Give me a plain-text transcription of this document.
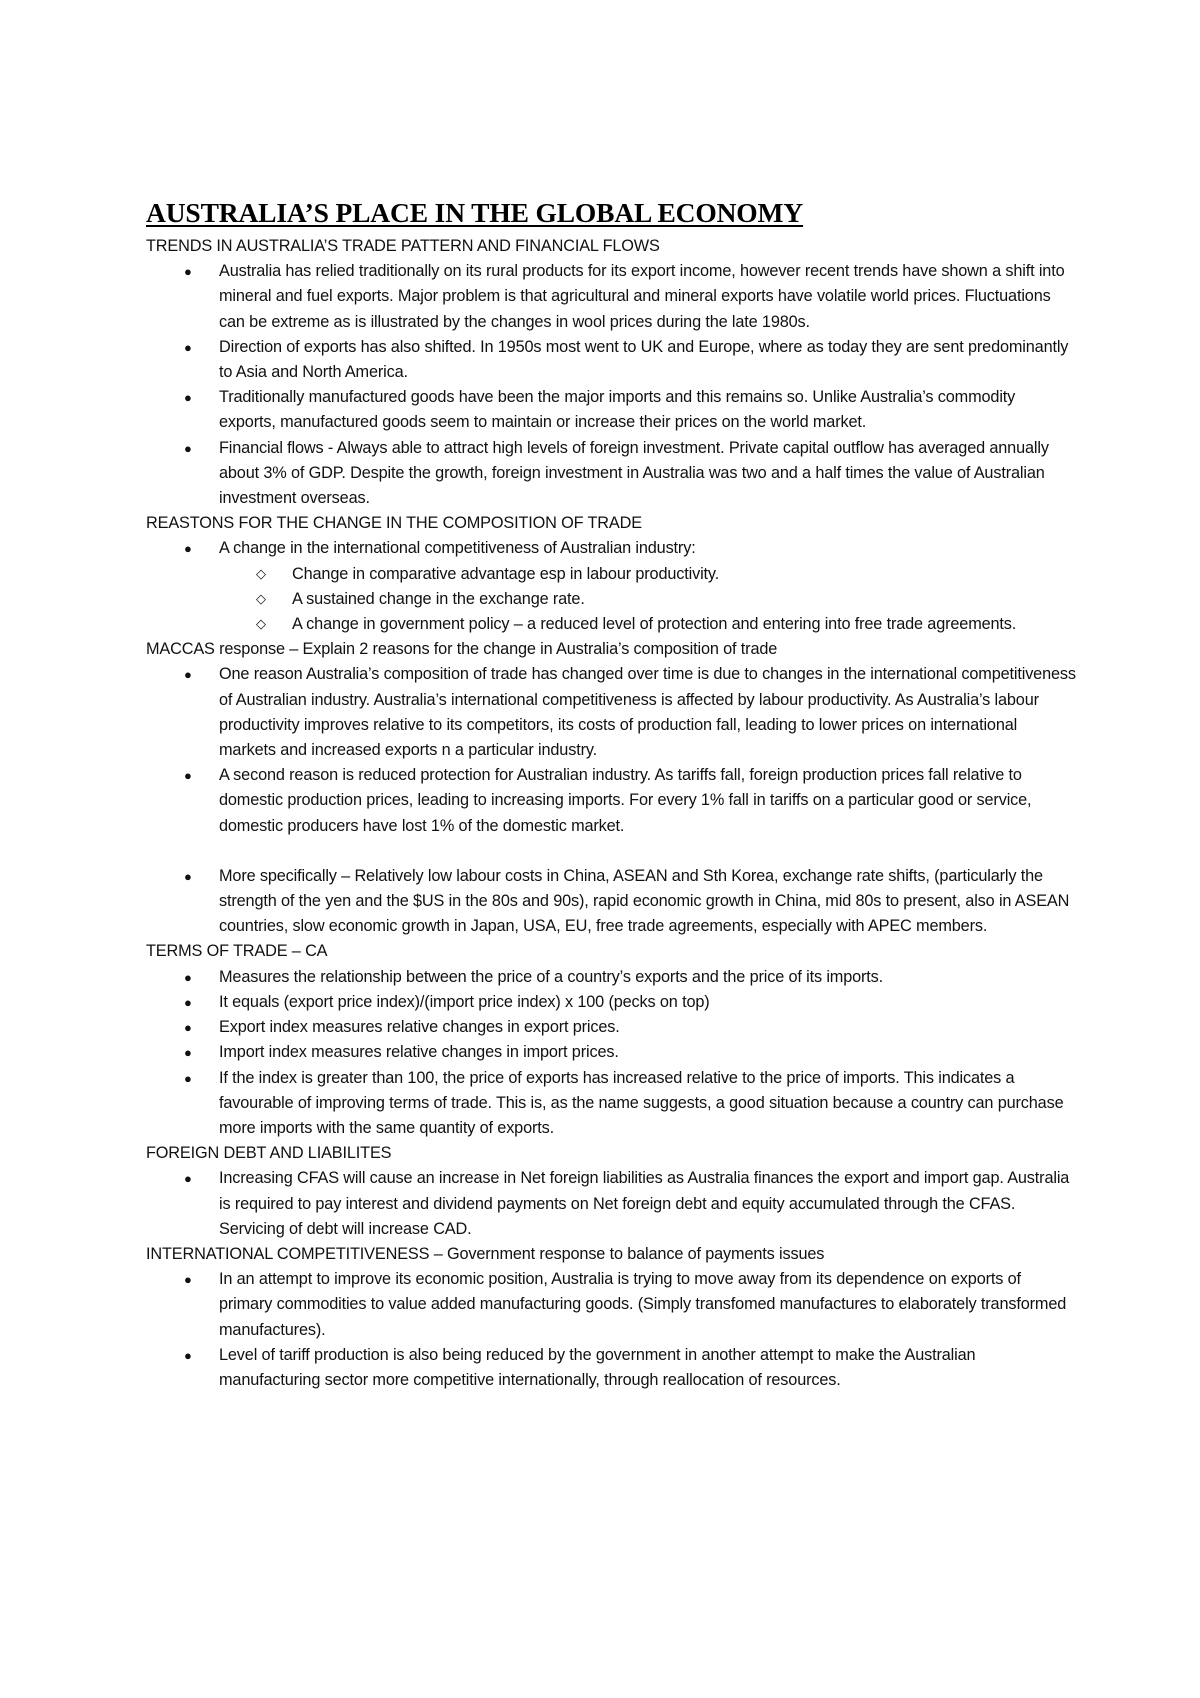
AUSTRALIA’S PLACE IN THE GLOBAL ECONOMY
TRENDS IN AUSTRALIA’S TRADE PATTERN AND FINANCIAL FLOWS
● Australia has relied traditionally on its rural products for its export income, however recent trends have shown a shift into mineral and fuel exports. Major problem is that agricultural and mineral exports have volatile world prices. Fluctuations can be extreme as is illustrated by the changes in wool prices during the late 1980s.
● Direction of exports has also shifted. In 1950s most went to UK and Europe, where as today they are sent predominantly to Asia and North America.
● Traditionally manufactured goods have been the major imports and this remains so. Unlike Australia’s commodity exports, manufactured goods seem to maintain or increase their prices on the world market.
● Financial flows - Always able to attract high levels of foreign investment. Private capital outflow has averaged annually about 3% of GDP. Despite the growth, foreign investment in Australia was two and a half times the value of Australian investment overseas.
REASTONS FOR THE CHANGE IN THE COMPOSITION OF TRADE
● A change in the international competitiveness of Australian industry:
◇ Change in comparative advantage esp in labour productivity.
◇ A sustained change in the exchange rate.
◇ A change in government policy – a reduced level of protection and entering into free trade agreements.
MACCAS response – Explain 2 reasons for the change in Australia’s composition of trade
● One reason Australia’s composition of trade has changed over time is due to changes in the international competitiveness of Australian industry. Australia’s international competitiveness is affected by labour productivity. As Australia’s labour productivity improves relative to its competitors, its costs of production fall, leading to lower prices on international markets and increased exports n a particular industry.
● A second reason is reduced protection for Australian industry. As tariffs fall, foreign production prices fall relative to domestic production prices, leading to increasing imports. For every 1% fall in tariffs on a particular good or service, domestic producers have lost 1% of the domestic market.
● More specifically – Relatively low labour costs in China, ASEAN and Sth Korea, exchange rate shifts, (particularly the strength of the yen and the $US in the 80s and 90s), rapid economic growth in China, mid 80s to present, also in ASEAN countries, slow economic growth in Japan, USA, EU, free trade agreements, especially with APEC members.
TERMS OF TRADE – CA
● Measures the relationship between the price of a country’s exports and the price of its imports.
● It equals (export price index)/(import price index) x 100 (pecks on top)
● Export index measures relative changes in export prices.
● Import index measures relative changes in import prices.
● If the index is greater than 100, the price of exports has increased relative to the price of imports. This indicates a favourable of improving terms of trade. This is, as the name suggests, a good situation because a country can purchase more imports with the same quantity of exports.
FOREIGN DEBT AND LIABILITES
● Increasing CFAS will cause an increase in Net foreign liabilities as Australia finances the export and import gap. Australia is required to pay interest and dividend payments on Net foreign debt and equity accumulated through the CFAS. Servicing of debt will increase CAD.
INTERNATIONAL COMPETITIVENESS – Government response to balance of payments issues
● In an attempt to improve its economic position, Australia is trying to move away from its dependence on exports of primary commodities to value added manufacturing goods. (Simply transfomed manufactures to elaborately transformed manufactures).
● Level of tariff production is also being reduced by the government in another attempt to make the Australian manufacturing sector more competitive internationally, through reallocation of resources.
